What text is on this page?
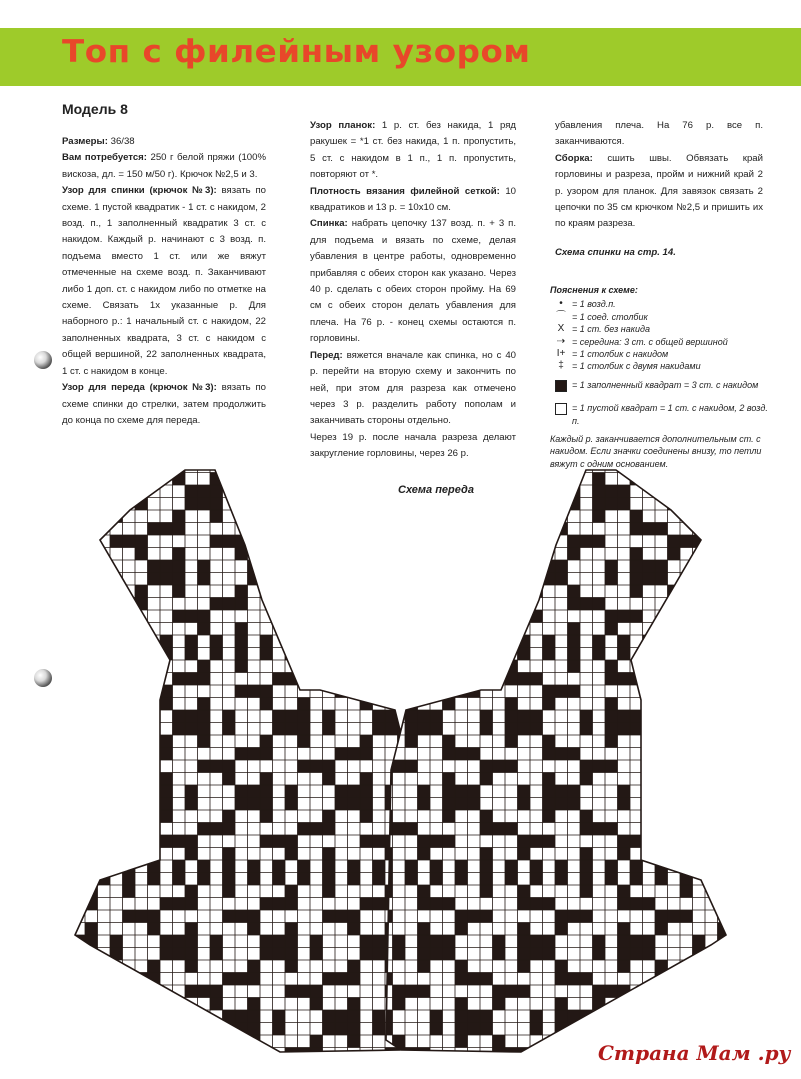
Топ с филейным узором
Модель 8

Размеры: 36/38

Вам потребуется: 250 г белой пряжи (100% вискоза, дл. = 150 м/50 г). Крючок №2,5 и 3.

Узор для спинки (крючок №3): вязать по схеме. 1 пустой квадратик - 1 ст. с накидом, 2 возд. п., 1 заполненный квадратик 3 ст. с накидом. Каждый р. начинают с 3 возд. п. подъема вместо 1 ст. или же вяжут отмеченные на схеме возд. п. Заканчивают либо 1 доп. ст. с накидом либо по отметке на схеме. Связать 1х указанные р. Для наборного р.: 1 начальный ст. с накидом, 22 заполненных квадрата, 3 ст. с накидом с общей вершиной, 22 заполненных квадрата, 1 ст. с накидом в конце.

Узор для переда (крючок №3): вязать по схеме спинки до стрелки, затем продолжить до конца по схеме для переда.

Узор планок: 1 р. ст. без накида, 1 ряд ракушек = *1 ст. без накида, 1 п. пропустить, 5 ст. с накидом в 1 п., 1 п. пропустить, повторяют от *.

Плотность вязания филейной сеткой: 10 квадратиков и 13 р. = 10х10 см.

Спинка: набрать цепочку 137 возд. п. + 3 п. для подъема и вязать по схеме, делая убавления в центре работы, одновременно прибавляя с обеих сторон как указано. Через 40 р. сделать с обеих сторон пройму. На 69 см с обеих сторон делать убавления для плеча. На 76 р. - конец схемы остаются п. горловины.

Перед: вяжется вначале как спинка, но с 40 р. перейти на вторую схему и закончить по ней, при этом для разреза как отмечено через 3 р. разделить работу пополам и заканчивать стороны отдельно.

Через 19 р. после начала разреза делают закругление горловины, через 26 р.

убавления плеча. На 76 р. все п. заканчиваются.

Сборка: сшить швы. Обвязать край горловины и разреза, пройм и нижний край 2 р. узором для планок. Для завязок связать 2 цепочки по 35 см крючком №2,5 и пришить их по краям разреза.

Схема спинки на стр. 14.

Пояснения к схеме:
•	= 1 возд.п.
⌒ = 1 соед. столбик
X = 1 ст. без накида
⇢ = середина: 3 ст. с общей вершиной
I+ = 1 столбик с накидом
‡ = 1 столбик с двумя накидами
= 1 заполненный квадрат = 3 ст. с накидом
= 1 пустой квадрат = 1 ст. с накидом, 2 возд. п.
Каждый р. заканчивается дополнительным ст. с накидом. Если значки соединены внизу, то петли вяжут с одним основанием.
Схема переда
Страна Мам .ру
